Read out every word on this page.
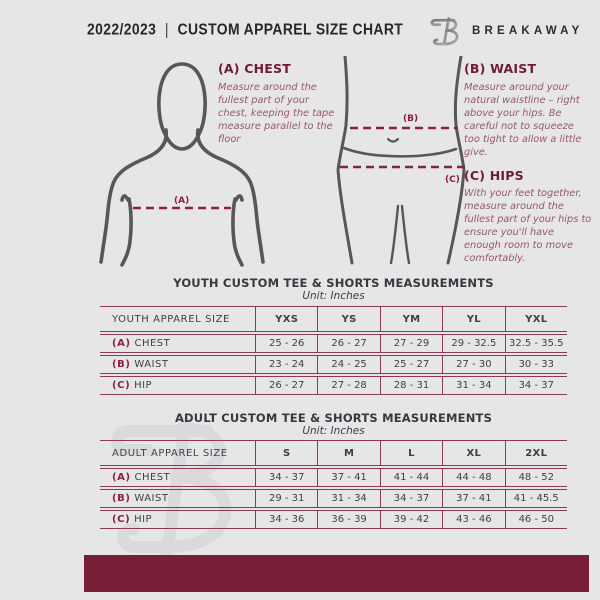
2022/2023 | CUSTOM APPAREL SIZE CHART	BREAKAWAY
(A)
(B)
(C)
(A) CHEST
Measure around the fullest part of your chest, keeping the tape measure parallel to the floor
(B) WAIST
Measure around your natural waistline – right above your hips. Be careful not to squeeze too tight to allow a little give.
(C) HIPS
With your feet together, measure around the fullest part of your hips to ensure you'll have enough room to move comfortably.
YOUTH CUSTOM TEE & SHORTS MEASUREMENTS
Unit: Inches
YOUTH APPAREL SIZE	YXS	YS	YM	YL	YXL
(A) CHEST	25 - 26	26 - 27	27 - 29	29 - 32.5	32.5 - 35.5
(B) WAIST	23 - 24	24 - 25	25 - 27	27 - 30	30 - 33
(C) HIP	26 - 27	27 - 28	28 - 31	31 - 34	34 - 37
ADULT CUSTOM TEE & SHORTS MEASUREMENTS
Unit: Inches
ADULT APPAREL SIZE	S	M	L	XL	2XL
(A) CHEST	34 - 37	37 - 41	41 - 44	44 - 48	48 - 52
(B) WAIST	29 - 31	31 - 34	34 - 37	37 - 41	41 - 45.5
(C) HIP	34 - 36	36 - 39	39 - 42	43 - 46	46 - 50
